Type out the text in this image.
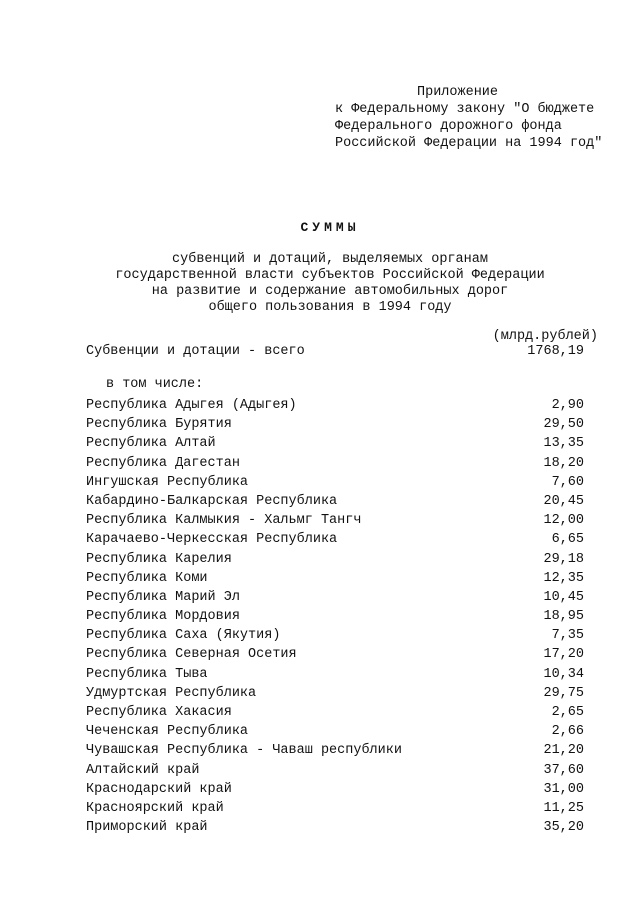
Приложение
к Федеральному закону "О бюджете
Федерального дорожного фонда
Российской Федерации на 1994 год"
СУММЫ
субвенций и дотаций, выделяемых органам
государственной власти субъектов Российской Федерации
на развитие и содержание автомобильных дорог
общего пользования в 1994 году
(млрд.рублей)
Субвенции и дотации - всего	1768,19
в том числе:
Республика Адыгея (Адыгея)	2,90
Республика Бурятия	29,50
Республика Алтай	13,35
Республика Дагестан	18,20
Ингушская Республика	7,60
Кабардино-Балкарская Республика	20,45
Республика Калмыкия - Хальмг Тангч	12,00
Карачаево-Черкесская Республика	6,65
Республика Карелия	29,18
Республика Коми	12,35
Республика Марий Эл	10,45
Республика Мордовия	18,95
Республика Саха (Якутия)	7,35
Республика Северная Осетия	17,20
Республика Тыва	10,34
Удмуртская Республика	29,75
Республика Хакасия	2,65
Чеченская Республика	2,66
Чувашская Республика - Чаваш республики	21,20
Алтайский край	37,60
Краснодарский край	31,00
Красноярский край	11,25
Приморский край	35,20
